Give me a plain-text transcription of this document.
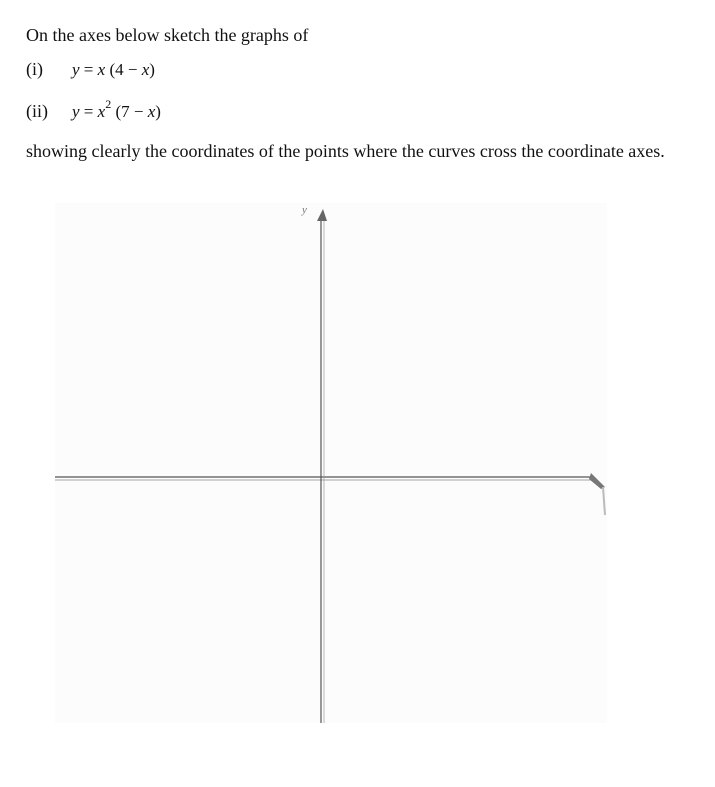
On the axes below sketch the graphs of
(i) y = x (4 − x)
(ii) $y = x^2$ (7 − x)
showing clearly the coordinates of the points where the curves cross the coordinate axes.
y
